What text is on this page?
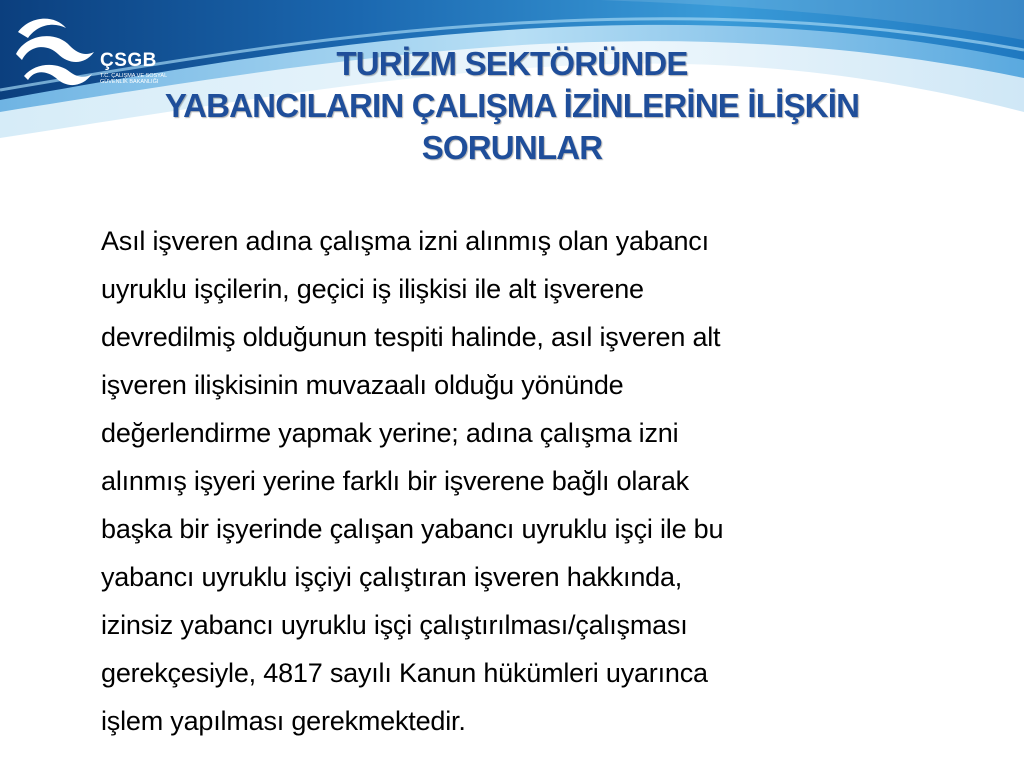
ÇSGB
T.C. ÇALIŞMA VE SOSYAL GÜVENLİK BAKANLIĞI	TURİZM SEKTÖRÜNDE
YABANCILARIN ÇALIŞMA İZİNLERİNE İLİŞKİN
SORUNLAR
Asıl işveren adına çalışma izni alınmış olan yabancı
uyruklu işçilerin, geçici iş ilişkisi ile alt işverene
devredilmiş olduğunun tespiti halinde, asıl işveren alt
işveren ilişkisinin muvazaalı olduğu yönünde
değerlendirme yapmak yerine; adına çalışma izni
alınmış işyeri yerine farklı bir işverene bağlı olarak
başka bir işyerinde çalışan yabancı uyruklu işçi ile bu
yabancı uyruklu işçiyi çalıştıran işveren hakkında,
izinsiz yabancı uyruklu işçi çalıştırılması/çalışması
gerekçesiyle, 4817 sayılı Kanun hükümleri uyarınca
işlem yapılması gerekmektedir.
